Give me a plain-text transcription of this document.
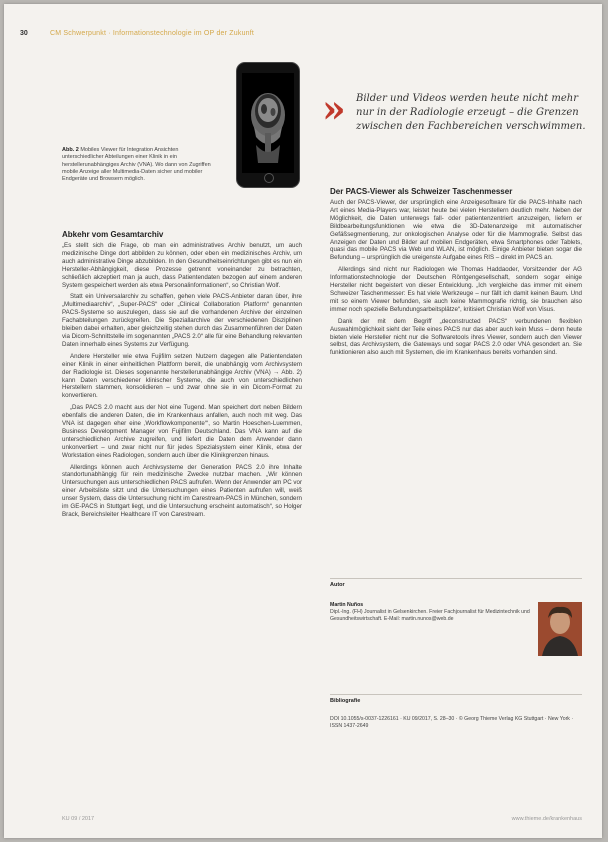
30	CM Schwerpunkt · Informationstechnologie im OP der Zukunft
Abb. 2 Mobiles Viewer für Integration Ansichten unterschiedlicher Abteilungen einer Klinik in ein herstellerunabhängiges Archiv (VNA). Wo dann von Zugriffen mobile Anzeige aller Multimedia-Daten sicher und mobiler Endgeräte und Browsern möglich.
» Bilder und Videos werden heute nicht mehr nur in der Radiologie erzeugt – die Grenzen zwischen den Fachbereichen verschwimmen.
Abkehr vom Gesamtarchiv

„Es stellt sich die Frage, ob man ein administratives Archiv benutzt, um auch medizinische Dinge dort abbilden zu können, oder eben ein medizinisches Archiv, um auch administrative Dinge abzubilden. In den Gesundheitseinrichtungen gibt es nun ein Hersteller-Abhängigkeit, diese Prozesse getrennt voneinander zu betrachten, schließlich akzeptiert man ja auch, dass Patientendaten bezogen auf einem anderen System gespeichert werden als etwa Personalinformationen“, so Christian Wolf.

Statt ein Universalarchiv zu schaffen, gehen viele PACS-Anbieter daran über, ihre „Multimediaarchiv“, „Super-PACS“ oder „Clinical Collaboration Platform“ genannten PACS-Systeme so auszulegen, dass sie auf die vorhandenen Archive der einzelnen Fachabteilungen zurückgreifen. Die Speziallarchive der verschiedenen Disziplinen bleiben dabei erhalten, aber gleichzeitig stehen durch das Zusammenführen der Daten via Dicom-Schnittstelle im sogenannten „PACS 2.0“ alle für eine Behandlung relevanten Daten innerhalb eines Systems zur Verfügung.

Andere Hersteller wie etwa Fujifilm setzen Nutzern dagegen alle Patientendaten einer Klinik in einer einheitlichen Plattform bereit, die unabhängig vom Archivsystem der Radiologie ist. Dieses sogenannte herstellerunabhängige Archiv (VNA) → Abb. 2) kann Daten verschiedener klinischer Systeme, die auch von unterschiedlichen Herstellern stammen, konsolidieren – und zwar ohne sie in ein Dicom-Format zu konvertieren.

„Das PACS 2.0 macht aus der Not eine Tugend. Man speichert dort neben Bildern ebenfalls die anderen Daten, die im Krankenhaus anfallen, auch noch mit weg. Das VNA ist dagegen eher eine ‚Workflowkomponente‘“, so Martin Hoeschen-Luemmen, Business Development Manager von Fujifilm Deutschland. Das VNA kann auf die unterschiedlichen Archive zugreifen, und liefert die Daten dem Anwender dann unkonvertiert – und zwar nicht nur für jedes Spezialsystem einer Klinik, etwa der Workstation eines Radiologen, sondern auch über die Klinikgrenzen hinaus.

Allerdings können auch Archivsysteme der Generation PACS 2.0 ihre Inhalte standortunabhängig für rein medizinische Zwecke nutzbar machen. „Wir können Untersuchungen aus unterschiedlichen PACS aufrufen. Wenn der Anwender am PC vor einer Arbeitsliste sitzt und die Untersuchungen eines Patienten aufrufen will, weiß unser System, dass die Untersuchung nicht im Carestream-PACS in München, sondern im GE-PACS in Stuttgart liegt, und die Untersuchung erscheint automatisch“, so Holger Brack, Bereichsleiter Healthcare IT von Carestream.

Der PACS-Viewer als Schweizer Taschenmesser

Auch der PACS-Viewer, der ursprünglich eine Anzeigesoftware für die PACS-Inhalte nach Art eines Media-Players war, leistet heute bei vielen Herstellern deutlich mehr. Neben der Möglichkeit, die Daten unterwegs fall- oder patientenzentriert anzuzeigen, liefern er Bildbearbeitungsfunktionen wie etwa die 3D-Datenanzeige mit automatischer Gefäßsegmentierung, zur onkologischen Analyse oder für die Mammografie. Selbst das Anzeigen der Daten und Bilder auf mobilen Endgeräten, etwa Smartphones oder Tablets, quasi das mobile PACS via Web und WLAN, ist möglich. Einige Anbieter bieten sogar die Befundung – ursprünglich die ureigenste Aufgabe eines RIS – direkt im PACS an.

Allerdings sind nicht nur Radiologen wie Thomas Haddaoder, Vorsitzender der AG Informationstechnologie der Deutschen Röntgengesellschaft, sondern sogar einige Hersteller nicht begeistert von dieser Entwicklung. „Ich vergleiche das immer mit einem Schweizer Taschenmesser: Es hat viele Werkzeuge – nur fällt ich damit keinen Baum. Und mit so einem Viewer befunden, sie auch keine Mammografie richtig, sie brauchen also immer noch spezielle Befundungsarbeitsplätze“, kritisiert Christian Wolf von Visus.

Dank der mit dem Begriff „deconstructed PACS“ verbundenen flexiblen Auswahlmöglichkeit sieht der Teile eines PACS nur das aber auch kein Muss – denn heute bieten viele Hersteller nicht nur die Softwaretools ihres Viewer, sondern auch den Viewer selbst, das Archivsystem, die Gateways und sogar PACS 2.0 oder VNA gesondert an. Sie funktionieren also auch mit Systemen, die im Krankenhaus bereits vorhanden sind.

Autor
Martin Nuños
Dipl.-Ing. (FH) Journalist in Gelsenkirchen. Freier Fachjournalist für Medizintechnik und Gesundheitswirtschaft. E-Mail: martin.nunos@web.de
Bibliografie
DOI 10.1055/s-0037-1226161 · KU 09/2017, S. 28–30 · © Georg Thieme Verlag KG Stuttgart · New York · ISSN 1437-2649
KU 09 / 2017	www.thieme.de/krankenhaus
